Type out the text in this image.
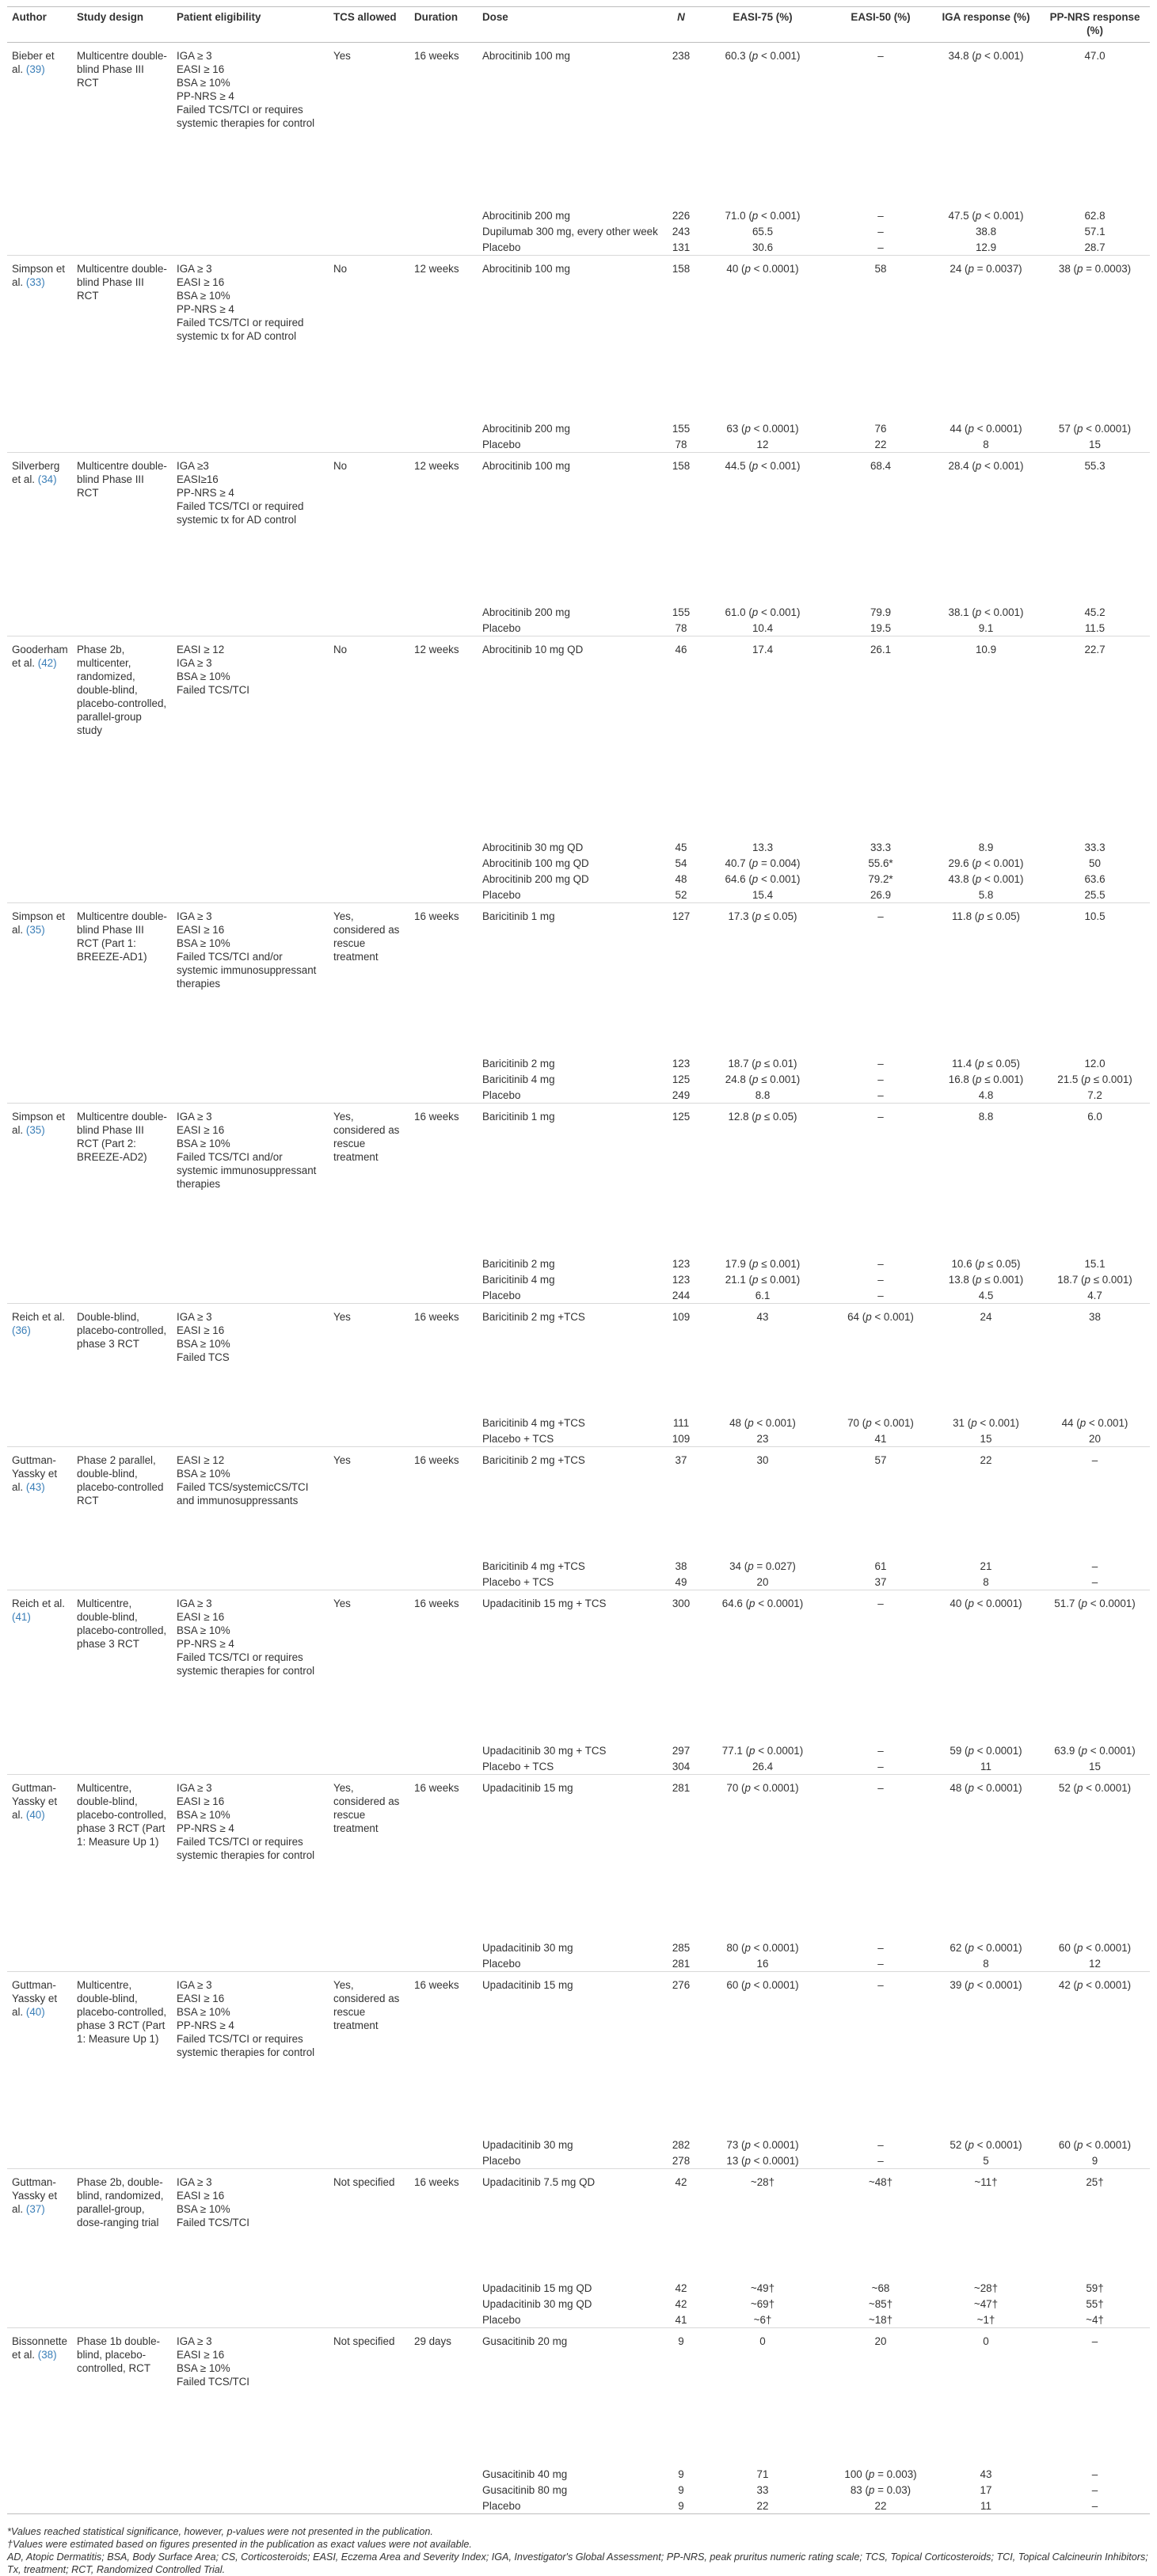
Author	Study design	Patient eligibility	TCS allowed	Duration	Dose	N	EASI-75 (%)	EASI-50 (%)	IGA response (%)	PP-NRS response (%)
Bieber et al. (39)	Multicentre double-blind Phase III RCT	IGA ≥ 3
EASI ≥ 16
BSA ≥ 10%
PP-NRS ≥ 4
Failed TCS/TCI or requires systemic therapies for control	Yes	16 weeks	Abrocitinib 100 mg	238	60.3 (p < 0.001)	–	34.8 (p < 0.001)	47.0
					Abrocitinib 200 mg	226	71.0 (p < 0.001)	–	47.5 (p < 0.001)	62.8
					Dupilumab 300 mg, every other week	243	65.5	–	38.8	57.1
					Placebo	131	30.6	–	12.9	28.7
Simpson et al. (33)	Multicentre double-blind Phase III RCT	IGA ≥ 3
EASI ≥ 16
BSA ≥ 10%
PP-NRS ≥ 4
Failed TCS/TCI or required systemic tx for AD control	No	12 weeks	Abrocitinib 100 mg	158	40 (p < 0.0001)	58	24 (p = 0.0037)	38 (p = 0.0003)
					Abrocitinib 200 mg	155	63 (p < 0.0001)	76	44 (p < 0.0001)	57 (p < 0.0001)
					Placebo	78	12	22	8	15
Silverberg et al. (34)	Multicentre double-blind Phase III RCT	IGA ≥3
EASI≥16
PP-NRS ≥ 4
Failed TCS/TCI or required systemic tx for AD control	No	12 weeks	Abrocitinib 100 mg	158	44.5 (p < 0.001)	68.4	28.4 (p < 0.001)	55.3
					Abrocitinib 200 mg	155	61.0 (p < 0.001)	79.9	38.1 (p < 0.001)	45.2
					Placebo	78	10.4	19.5	9.1	11.5
Gooderham et al. (42)	Phase 2b, multicenter, randomized, double-blind, placebo-controlled, parallel-group study	EASI ≥ 12
IGA ≥ 3
BSA ≥ 10%
Failed TCS/TCI	No	12 weeks	Abrocitinib 10 mg QD	46	17.4	26.1	10.9	22.7
					Abrocitinib 30 mg QD	45	13.3	33.3	8.9	33.3
					Abrocitinib 100 mg QD	54	40.7 (p = 0.004)	55.6*	29.6 (p < 0.001)	50
					Abrocitinib 200 mg QD	48	64.6 (p < 0.001)	79.2*	43.8 (p < 0.001)	63.6
					Placebo	52	15.4	26.9	5.8	25.5
Simpson et al. (35)	Multicentre double-blind Phase III RCT (Part 1: BREEZE-AD1)	IGA ≥ 3
EASI ≥ 16
BSA ≥ 10%
Failed TCS/TCI and/or systemic immunosuppressant therapies	Yes, considered as rescue treatment	16 weeks	Baricitinib 1 mg	127	17.3 (p ≤ 0.05)	–	11.8 (p ≤ 0.05)	10.5
					Baricitinib 2 mg	123	18.7 (p ≤ 0.01)	–	11.4 (p ≤ 0.05)	12.0
					Baricitinib 4 mg	125	24.8 (p ≤ 0.001)	–	16.8 (p ≤ 0.001)	21.5 (p ≤ 0.001)
					Placebo	249	8.8	–	4.8	7.2
Simpson et al. (35)	Multicentre double-blind Phase III RCT (Part 2: BREEZE-AD2)	IGA ≥ 3
EASI ≥ 16
BSA ≥ 10%
Failed TCS/TCI and/or systemic immunosuppressant therapies	Yes, considered as rescue treatment	16 weeks	Baricitinib 1 mg	125	12.8 (p ≤ 0.05)	–	8.8	6.0
					Baricitinib 2 mg	123	17.9 (p ≤ 0.001)	–	10.6 (p ≤ 0.05)	15.1
					Baricitinib 4 mg	123	21.1 (p ≤ 0.001)	–	13.8 (p ≤ 0.001)	18.7 (p ≤ 0.001)
					Placebo	244	6.1	–	4.5	4.7
Reich et al. (36)	Double-blind, placebo-controlled, phase 3 RCT	IGA ≥ 3
EASI ≥ 16
BSA ≥ 10%
Failed TCS	Yes	16 weeks	Baricitinib 2 mg +TCS	109	43	64 (p < 0.001)	24	38
					Baricitinib 4 mg +TCS	111	48 (p < 0.001)	70 (p < 0.001)	31 (p < 0.001)	44 (p < 0.001)
					Placebo + TCS	109	23	41	15	20
Guttman-Yassky et al. (43)	Phase 2 parallel, double-blind, placebo-controlled RCT	EASI ≥ 12
BSA ≥ 10%
Failed TCS/systemicCS/TCI and immunosuppressants	Yes	16 weeks	Baricitinib 2 mg +TCS	37	30	57	22	–
					Baricitinib 4 mg +TCS	38	34 (p = 0.027)	61	21	–
					Placebo + TCS	49	20	37	8	–
Reich et al. (41)	Multicentre, double-blind, placebo-controlled, phase 3 RCT	IGA ≥ 3
EASI ≥ 16
BSA ≥ 10%
PP-NRS ≥ 4
Failed TCS/TCI or requires systemic therapies for control	Yes	16 weeks	Upadacitinib 15 mg + TCS	300	64.6 (p < 0.0001)	–	40 (p < 0.0001)	51.7 (p < 0.0001)
					Upadacitinib 30 mg + TCS	297	77.1 (p < 0.0001)	–	59 (p < 0.0001)	63.9 (p < 0.0001)
					Placebo + TCS	304	26.4	–	11	15
Guttman-Yassky et al. (40)	Multicentre, double-blind, placebo-controlled, phase 3 RCT (Part 1: Measure Up 1)	IGA ≥ 3
EASI ≥ 16
BSA ≥ 10%
PP-NRS ≥ 4
Failed TCS/TCI or requires systemic therapies for control	Yes, considered as rescue treatment	16 weeks	Upadacitinib 15 mg	281	70 (p < 0.0001)	–	48 (p < 0.0001)	52 (p < 0.0001)
					Upadacitinib 30 mg	285	80 (p < 0.0001)	–	62 (p < 0.0001)	60 (p < 0.0001)
					Placebo	281	16	–	8	12
Guttman-Yassky et al. (40)	Multicentre, double-blind, placebo-controlled, phase 3 RCT (Part 1: Measure Up 1)	IGA ≥ 3
EASI ≥ 16
BSA ≥ 10%
PP-NRS ≥ 4
Failed TCS/TCI or requires systemic therapies for control	Yes, considered as rescue treatment	16 weeks	Upadacitinib 15 mg	276	60 (p < 0.0001)	–	39 (p < 0.0001)	42 (p < 0.0001)
					Upadacitinib 30 mg	282	73 (p < 0.0001)	–	52 (p < 0.0001)	60 (p < 0.0001)
					Placebo	278	13 (p < 0.0001)	–	5	9
Guttman-Yassky et al. (37)	Phase 2b, double-blind, randomized, parallel-group, dose-ranging trial	IGA ≥ 3
EASI ≥ 16
BSA ≥ 10%
Failed TCS/TCI	Not specified	16 weeks	Upadacitinib 7.5 mg QD	42	~28†	~48†	~11†	25†
					Upadacitinib 15 mg QD	42	~49†	~68	~28†	59†
					Upadacitinib 30 mg QD	42	~69†	~85†	~47†	55†
					Placebo	41	~6†	~18†	~1†	~4†
Bissonnette et al. (38)	Phase 1b double-blind, placebo-controlled, RCT	IGA ≥ 3
EASI ≥ 16
BSA ≥ 10%
Failed TCS/TCI	Not specified	29 days	Gusacitinib 20 mg	9	0	20	0	–
					Gusacitinib 40 mg	9	71	100 (p = 0.003)	43	–
					Gusacitinib 80 mg	9	33	83 (p = 0.03)	17	–
					Placebo	9	22	22	11	–
*Values reached statistical significance, however, p-values were not presented in the publication.
†Values were estimated based on figures presented in the publication as exact values were not available.
AD, Atopic Dermatitis; BSA, Body Surface Area; CS, Corticosteroids; EASI, Eczema Area and Severity Index; IGA, Investigator's Global Assessment; PP-NRS, peak pruritus numeric rating scale; TCS, Topical Corticosteroids; TCI, Topical Calcineurin Inhibitors; Tx, treatment; RCT, Randomized Controlled Trial.
